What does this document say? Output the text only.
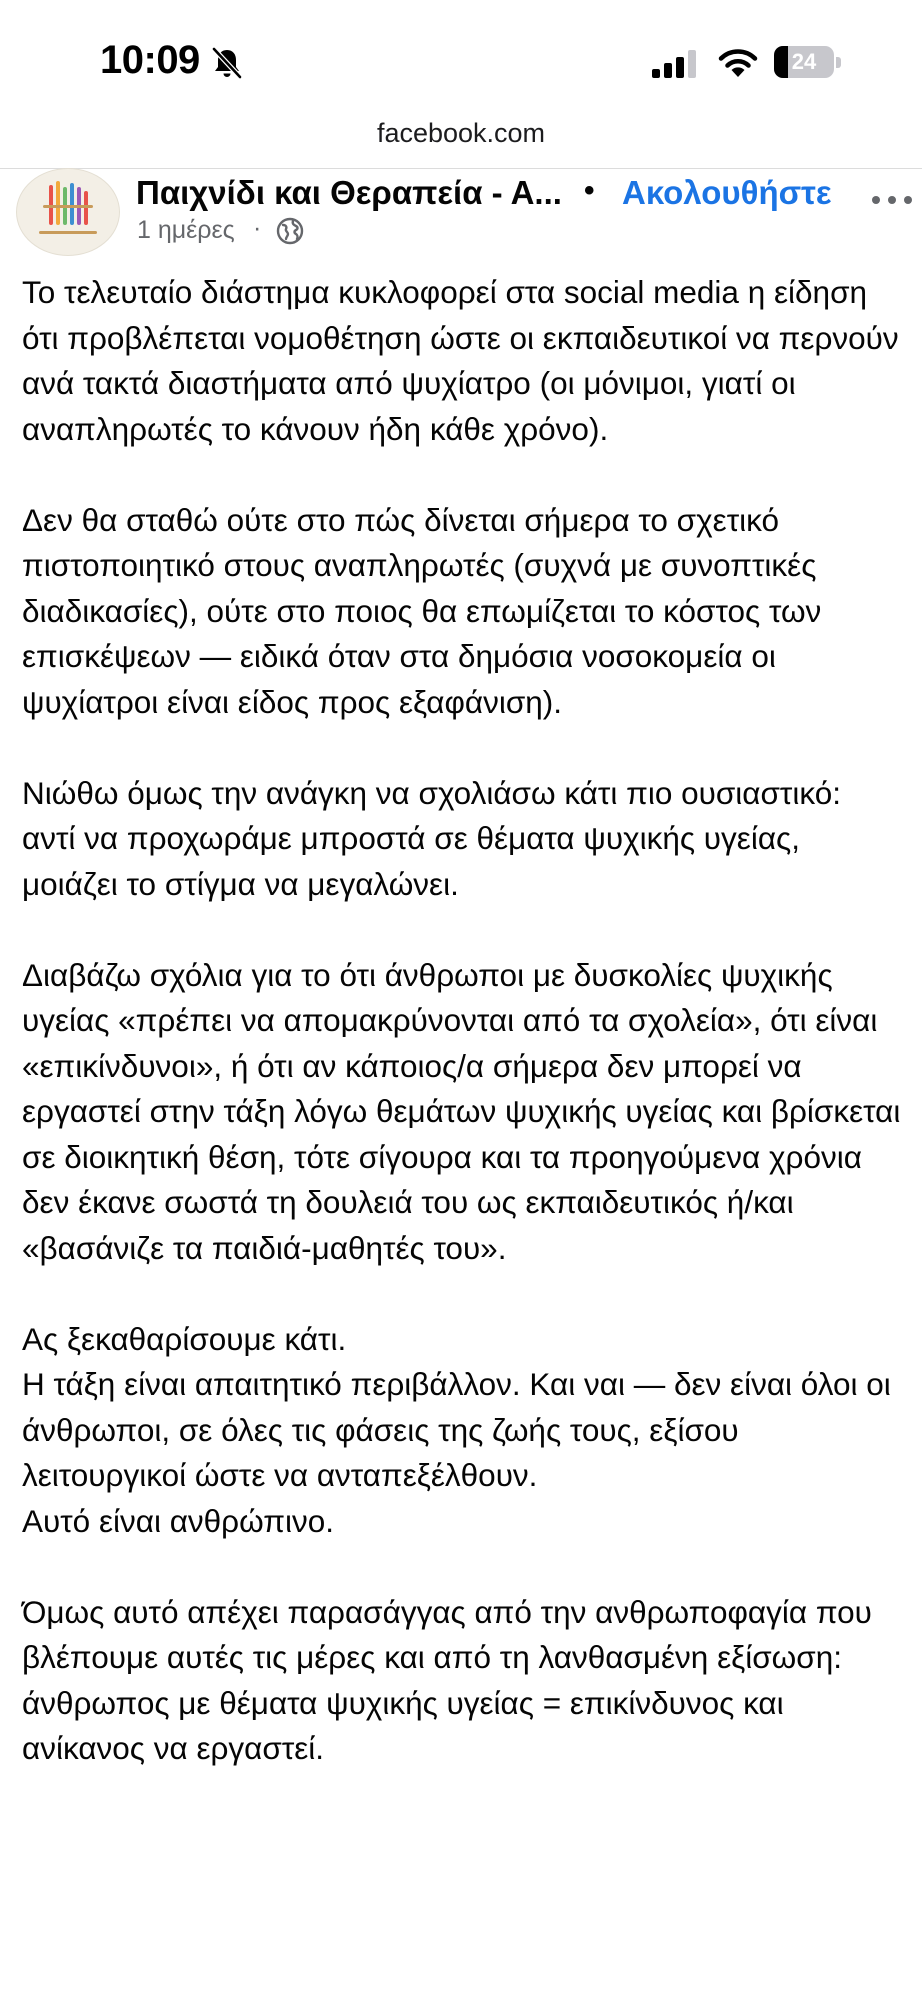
10:09	24
facebook.com
Παιχνίδι και Θεραπεία - Α... • Ακολουθήστε
1 ημέρες ·

Το τελευταίο διάστημα κυκλοφορεί στα social media η είδηση ότι προβλέπεται νομοθέτηση ώστε οι εκπαιδευτικοί να περνούν ανά τακτά διαστήματα από ψυχίατρο (οι μόνιμοι, γιατί οι αναπληρωτές το κάνουν ήδη κάθε χρόνο).

Δεν θα σταθώ ούτε στο πώς δίνεται σήμερα το σχετικό πιστοποιητικό στους αναπληρωτές (συχνά με συνοπτικές διαδικασίες), ούτε στο ποιος θα επωμίζεται το κόστος των επισκέψεων — ειδικά όταν στα δημόσια νοσοκομεία οι ψυχίατροι είναι είδος προς εξαφάνιση).

Νιώθω όμως την ανάγκη να σχολιάσω κάτι πιο ουσιαστικό: αντί να προχωράμε μπροστά σε θέματα ψυχικής υγείας, μοιάζει το στίγμα να μεγαλώνει.

Διαβάζω σχόλια για το ότι άνθρωποι με δυσκολίες ψυχικής υγείας «πρέπει να απομακρύνονται από τα σχολεία», ότι είναι «επικίνδυνοι», ή ότι αν κάποιος/α σήμερα δεν μπορεί να εργαστεί στην τάξη λόγω θεμάτων ψυχικής υγείας και βρίσκεται σε διοικητική θέση, τότε σίγουρα και τα προηγούμενα χρόνια δεν έκανε σωστά τη δουλειά του ως εκπαιδευτικός ή/και «βασάνιζε τα παιδιά-μαθητές του».

Ας ξεκαθαρίσουμε κάτι.
Η τάξη είναι απαιτητικό περιβάλλον. Και ναι — δεν είναι όλοι οι άνθρωποι, σε όλες τις φάσεις της ζωής τους, εξίσου λειτουργικοί ώστε να ανταπεξέλθουν.
Αυτό είναι ανθρώπινο.

Όμως αυτό απέχει παρασάγγας από την ανθρωποφαγία που βλέπουμε αυτές τις μέρες και από τη λανθασμένη εξίσωση:
άνθρωπος με θέματα ψυχικής υγείας = επικίνδυνος και ανίκανος να εργαστεί.
